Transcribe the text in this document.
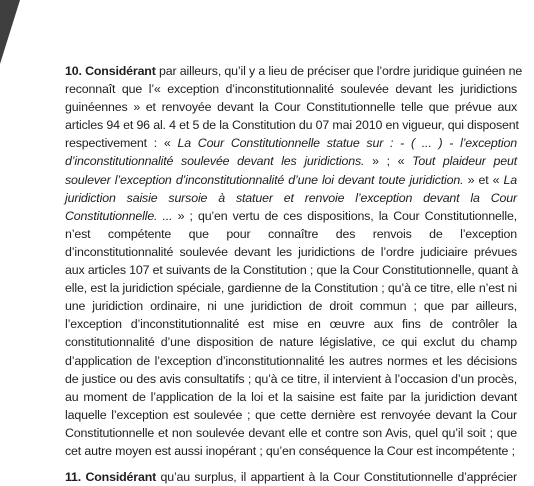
10. Considérant par ailleurs, qu’il y a lieu de préciser que l’ordre juridique guinéen ne
reconnaît que l’« exception d’inconstitutionnalité soulevée devant les juridictions
guinéennes » et renvoyée devant la Cour Constitutionnelle telle que prévue aux
articles 94 et 96 al. 4 et 5 de la Constitution du 07 mai 2010 en vigueur, qui disposent
respectivement : « La Cour Constitutionnelle statue sur : - ( ... ) - l’exception
d’inconstitutionnalité soulevée devant les juridictions. » ; « Tout plaideur peut
soulever l’exception d’inconstitutionnalité d’une loi devant toute juridiction. » et « La
juridiction saisie sursoie à statuer et renvoie l’exception devant la Cour
Constitutionnelle. ... » ; qu’en vertu de ces dispositions, la Cour Constitutionnelle,
n’est compétente que pour connaître des renvois de l’exception
d’inconstitutionnalité soulevée devant les juridictions de l’ordre judiciaire prévues
aux articles 107 et suivants de la Constitution ; que la Cour Constitutionnelle, quant à
elle, est la juridiction spéciale, gardienne de la Constitution ; qu’à ce titre, elle n’est ni
une juridiction ordinaire, ni une juridiction de droit commun ; que par ailleurs,
l’exception d’inconstitutionnalité est mise en œuvre aux fins de contrôler la
constitutionnalité d’une disposition de nature législative, ce qui exclut du champ
d’application de l’exception d’inconstitutionnalité les autres normes et les décisions
de justice ou des avis consultatifs ; qu’à ce titre, il intervient à l’occasion d’un procès,
au moment de l’application de la loi et la saisine est faite par la juridiction devant
laquelle l’exception est soulevée ; que cette dernière est renvoyée devant la Cour
Constitutionnelle et non soulevée devant elle et contre son Avis, quel qu’il soit ; que
cet autre moyen est aussi inopérant ; qu’en conséquence la Cour est incompétente ;
11. Considérant qu’au surplus, il appartient à la Cour Constitutionnelle d’apprécier
